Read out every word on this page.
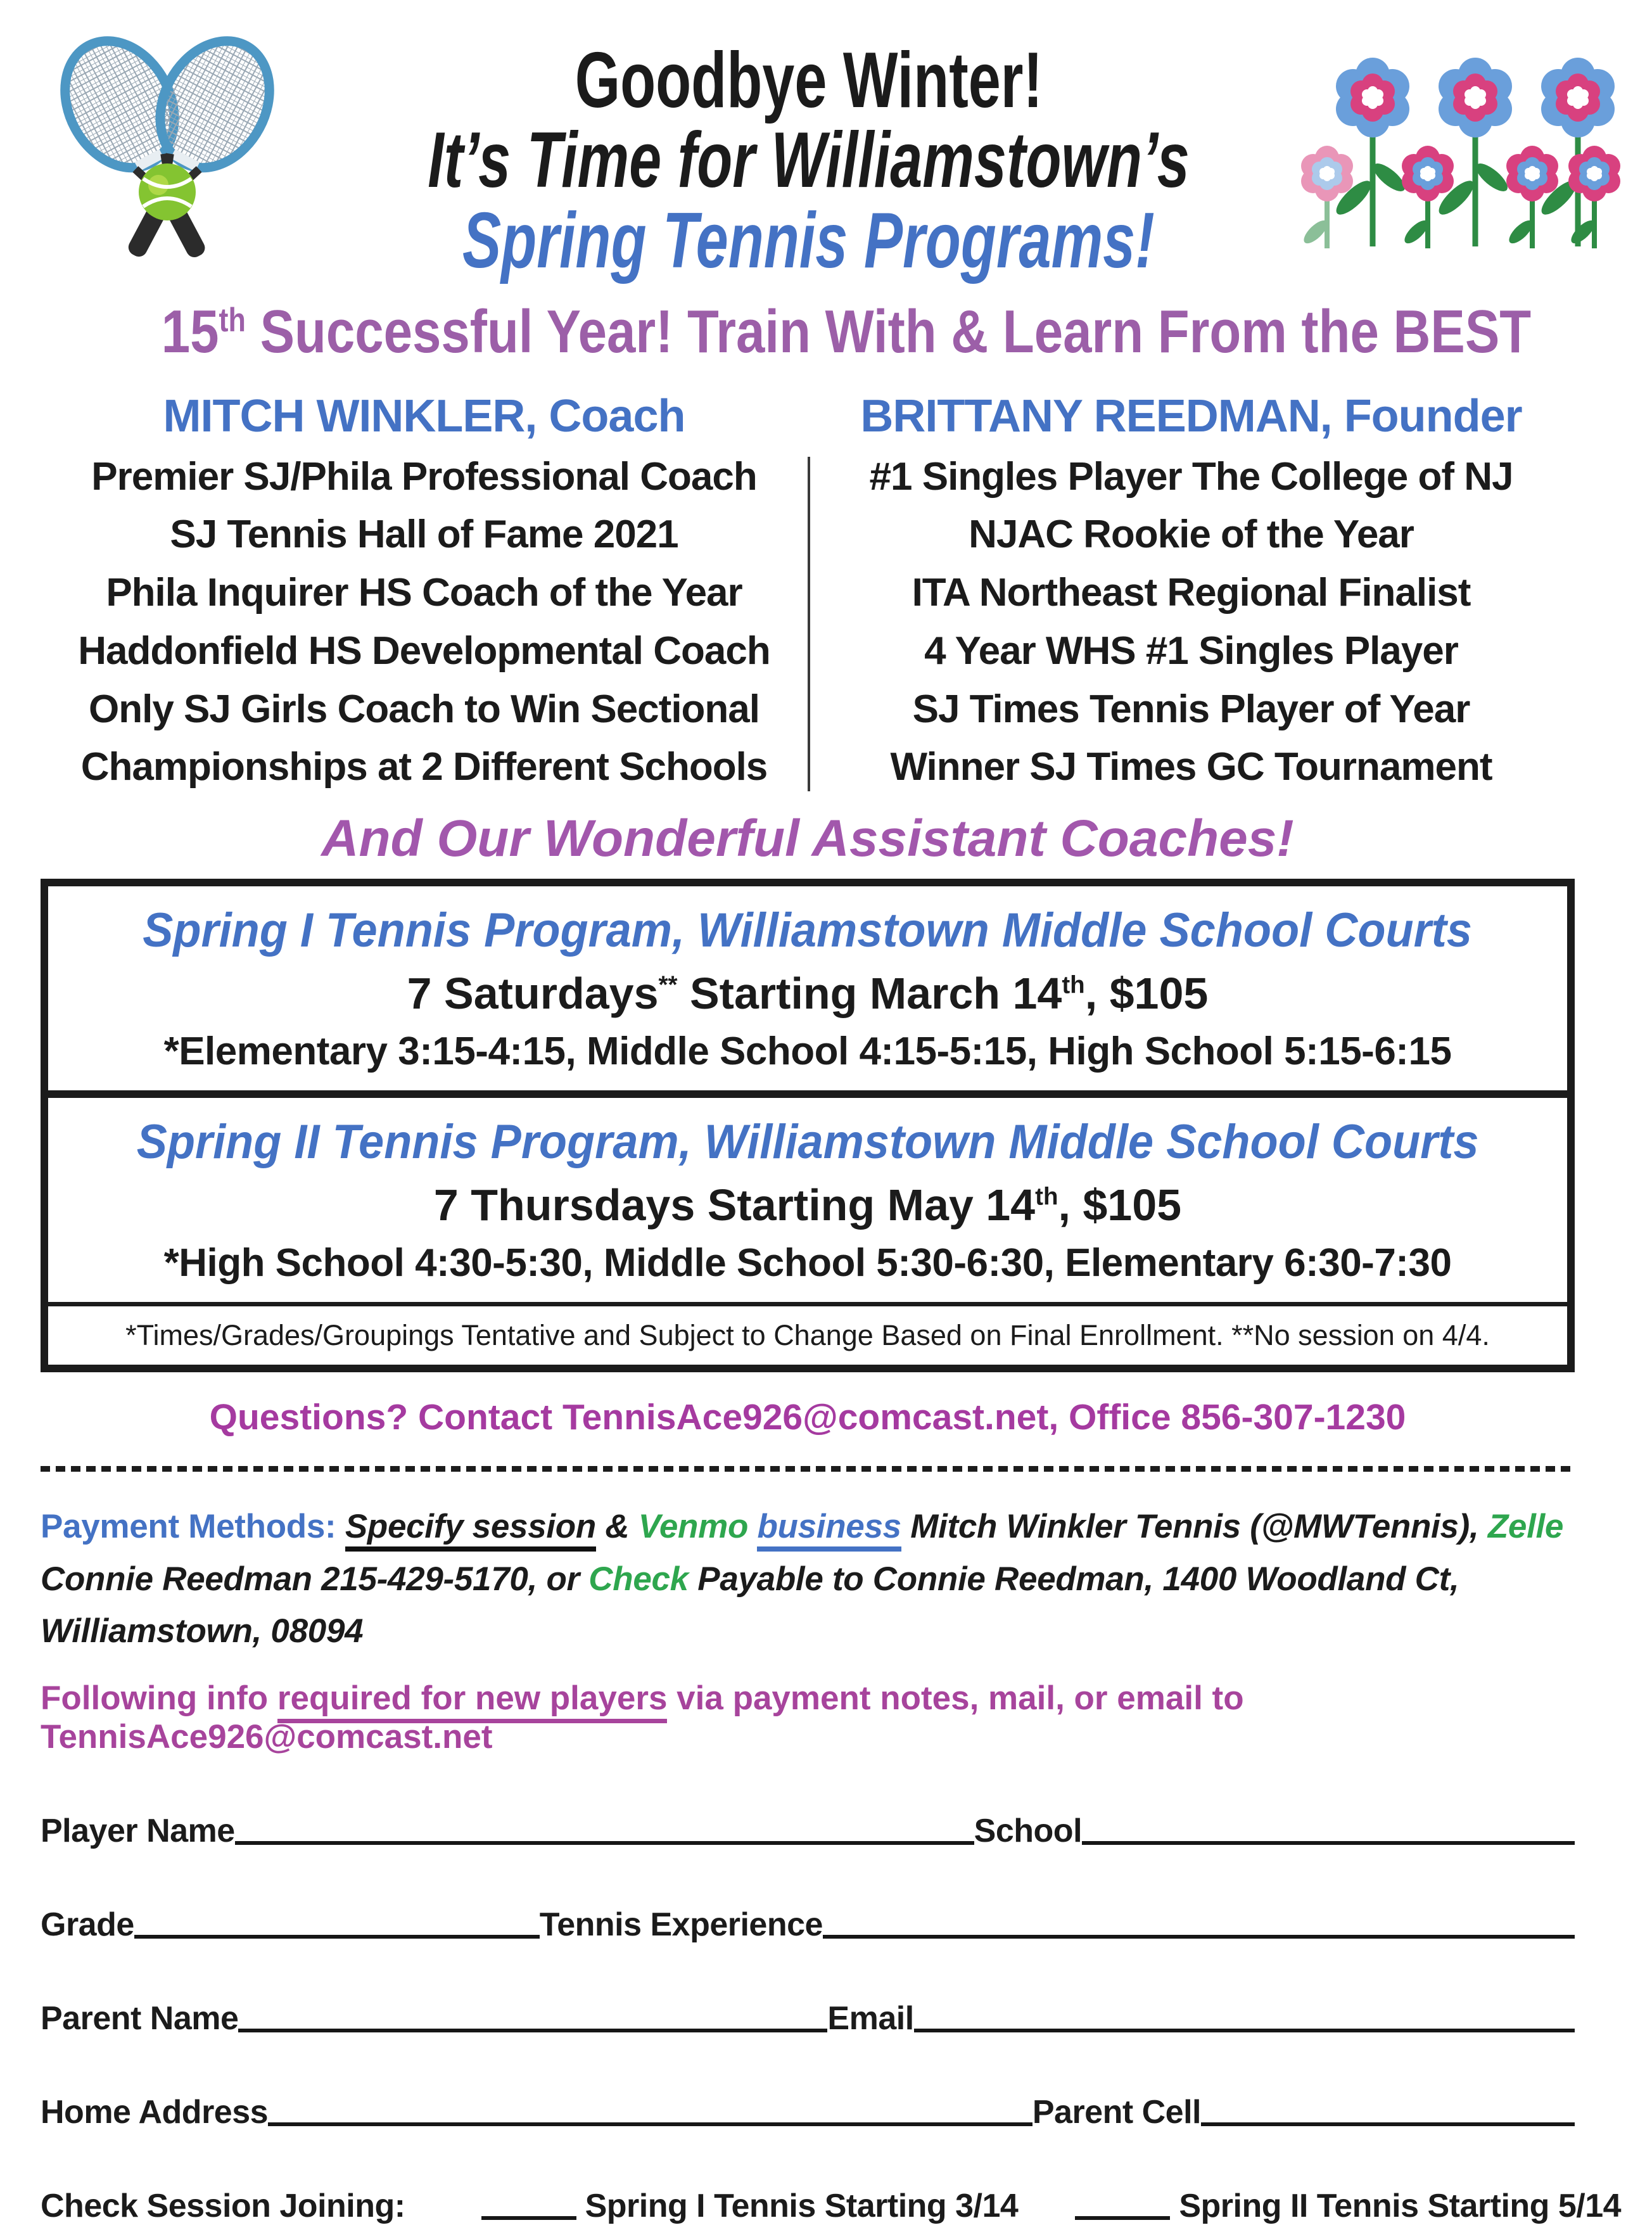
Goodbye Winter!
It’s Time for Williamstown’s
Spring Tennis Programs!
15th Successful Year! Train With & Learn From the BEST
MITCH WINKLER, Coach
Premier SJ/Phila Professional Coach
SJ Tennis Hall of Fame 2021
Phila Inquirer HS Coach of the Year
Haddonfield HS Developmental Coach
Only SJ Girls Coach to Win Sectional
Championships at 2 Different Schools
BRITTANY REEDMAN, Founder
#1 Singles Player The College of NJ
NJAC Rookie of the Year
ITA Northeast Regional Finalist
4 Year WHS #1 Singles Player
SJ Times Tennis Player of Year
Winner SJ Times GC Tournament
And Our Wonderful Assistant Coaches!
Spring I Tennis Program, Williamstown Middle School Courts
7 Saturdays** Starting March 14th, $105
*Elementary 3:15-4:15, Middle School 4:15-5:15, High School 5:15-6:15
Spring II Tennis Program, Williamstown Middle School Courts
7 Thursdays Starting May 14th, $105
*High School 4:30-5:30, Middle School 5:30-6:30, Elementary 6:30-7:30
*Times/Grades/Groupings Tentative and Subject to Change Based on Final Enrollment. **No session on 4/4.
Questions? Contact TennisAce926@comcast.net, Office 856-307-1230
Payment Methods: Specify session & Venmo business Mitch Winkler Tennis (@MWTennis), Zelle Connie Reedman 215-429-5170, or Check Payable to Connie Reedman, 1400 Woodland Ct, Williamstown, 08094
Following info required for new players via payment notes, mail, or email to TennisAce926@comcast.net
Player Name	School
Grade	Tennis Experience
Parent Name	Email
Home Address	Parent Cell
Check Session Joining:	Spring I Tennis Starting 3/14	Spring II Tennis Starting 5/14
